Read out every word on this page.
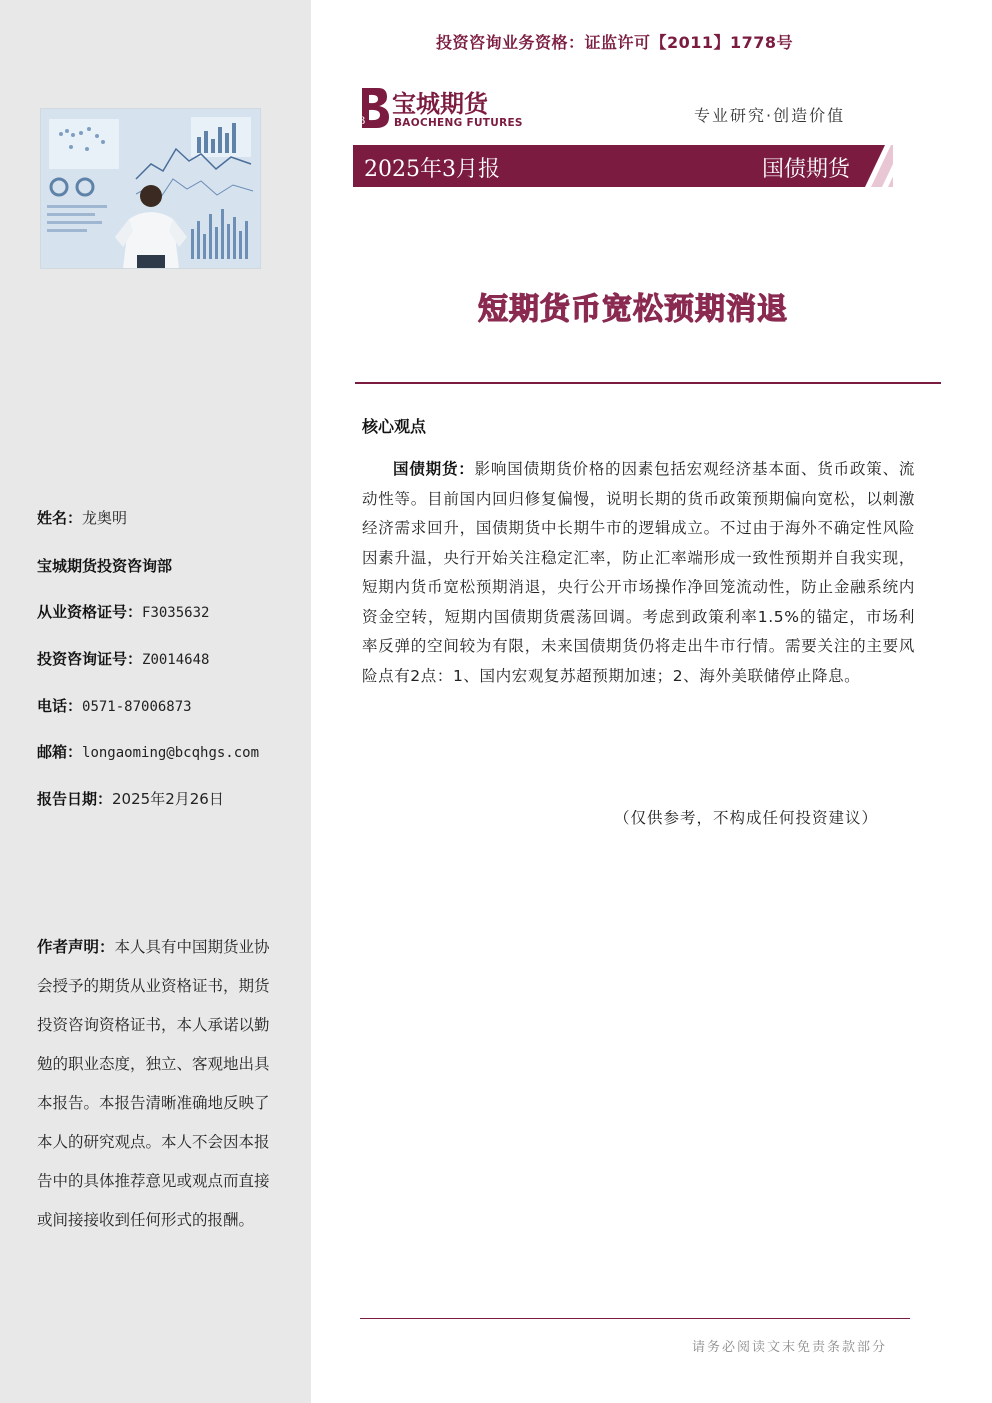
姓名：龙奥明
宝城期货投资咨询部
从业资格证号：F3035632
投资咨询证号：Z0014648
电话：0571-87006873
邮箱：longaoming@bcqhgs.com
报告日期：2025年2月26日
作者声明：本人具有中国期货业协会授予的期货从业资格证书，期货投资咨询资格证书，本人承诺以勤勉的职业态度，独立、客观地出具本报告。本报告清晰准确地反映了本人的研究观点。本人不会因本报告中的具体推荐意见或观点而直接或间接接收到任何形式的报酬。
投资咨询业务资格：证监许可【2011】1778号
B
宝城期货
BAOCHENG FUTURES	专业研究·创造价值
2025年3月报	国债期货
短期货币宽松预期消退
核心观点
国债期货：影响国债期货价格的因素包括宏观经济基本面、货币政策、流动性等。目前国内回归修复偏慢，说明长期的货币政策预期偏向宽松，以刺激经济需求回升，国债期货中长期牛市的逻辑成立。不过由于海外不确定性风险因素升温，央行开始关注稳定汇率，防止汇率端形成一致性预期并自我实现，短期内货币宽松预期消退，央行公开市场操作净回笼流动性，防止金融系统内资金空转，短期内国债期货震荡回调。考虑到政策利率1.5%的锚定，市场利率反弹的空间较为有限，未来国债期货仍将走出牛市行情。需要关注的主要风险点有2点：1、国内宏观复苏超预期加速；2、海外美联储停止降息。
（仅供参考，不构成任何投资建议）
请务必阅读文末免责条款部分
